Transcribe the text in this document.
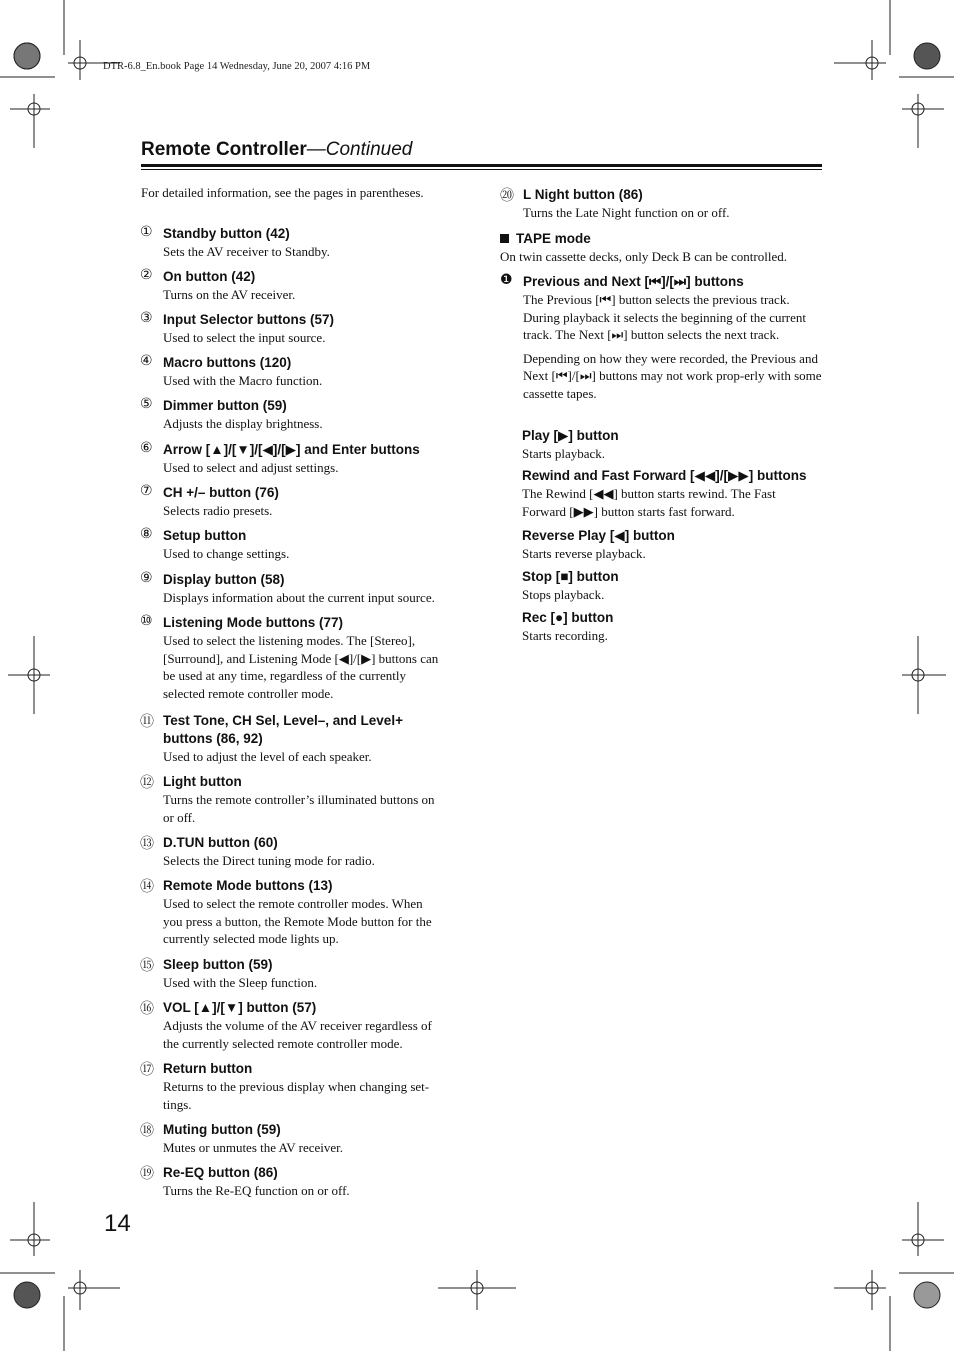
DTR-6.8_En.book Page 14 Wednesday, June 20, 2007 4:16 PM
Remote Controller—Continued
For detailed information, see the pages in parentheses.
① Standby button (42)
Sets the AV receiver to Standby.
② On button (42)
Turns on the AV receiver.
③ Input Selector buttons (57)
Used to select the input source.
④ Macro buttons (120)
Used with the Macro function.
⑤ Dimmer button (59)
Adjusts the display brightness.
⑥ Arrow [▲]/[▼]/[◀]/[▶] and Enter buttons
Used to select and adjust settings.
⑦ CH +/– button (76)
Selects radio presets.
⑧ Setup button
Used to change settings.
⑨ Display button (58)
Displays information about the current input source.
⑩ Listening Mode buttons (77)
Used to select the listening modes. The [Stereo], [Surround], and Listening Mode [◀]/[▶] buttons can be used at any time, regardless of the currently selected remote controller mode.
⑪ Test Tone, CH Sel, Level–, and Level+ buttons (86, 92)
Used to adjust the level of each speaker.
⑫ Light button
Turns the remote controller’s illuminated buttons on or off.
⑬ D.TUN button (60)
Selects the Direct tuning mode for radio.
⑭ Remote Mode buttons (13)
Used to select the remote controller modes. When you press a button, the Remote Mode button for the currently selected mode lights up.
⑮ Sleep button (59)
Used with the Sleep function.
⑯ VOL [▲]/[▼] button (57)
Adjusts the volume of the AV receiver regardless of the currently selected remote controller mode.
⑰ Return button
Returns to the previous display when changing set-tings.
⑱ Muting button (59)
Mutes or unmutes the AV receiver.
⑲ Re-EQ button (86)
Turns the Re-EQ function on or off.
⑳ L Night button (86)
Turns the Late Night function on or off.
TAPE mode
On twin cassette decks, only Deck B can be controlled.
❶ Previous and Next [⏮]/[⏭] buttons

The Previous [⏮] button selects the previous track. During playback it selects the beginning of the current track. The Next [⏭] button selects the next track.

Depending on how they were recorded, the Previous and Next [⏮]/[⏭] buttons may not work prop-erly with some cassette tapes.

Play [▶] button
Starts playback.
Rewind and Fast Forward [◀◀]/[▶▶] buttons
The Rewind [◀◀] button starts rewind. The Fast Forward [▶▶] button starts fast forward.
Reverse Play [◀] button
Starts reverse playback.
Stop [■] button
Stops playback.
Rec [●] button
Starts recording.
14
